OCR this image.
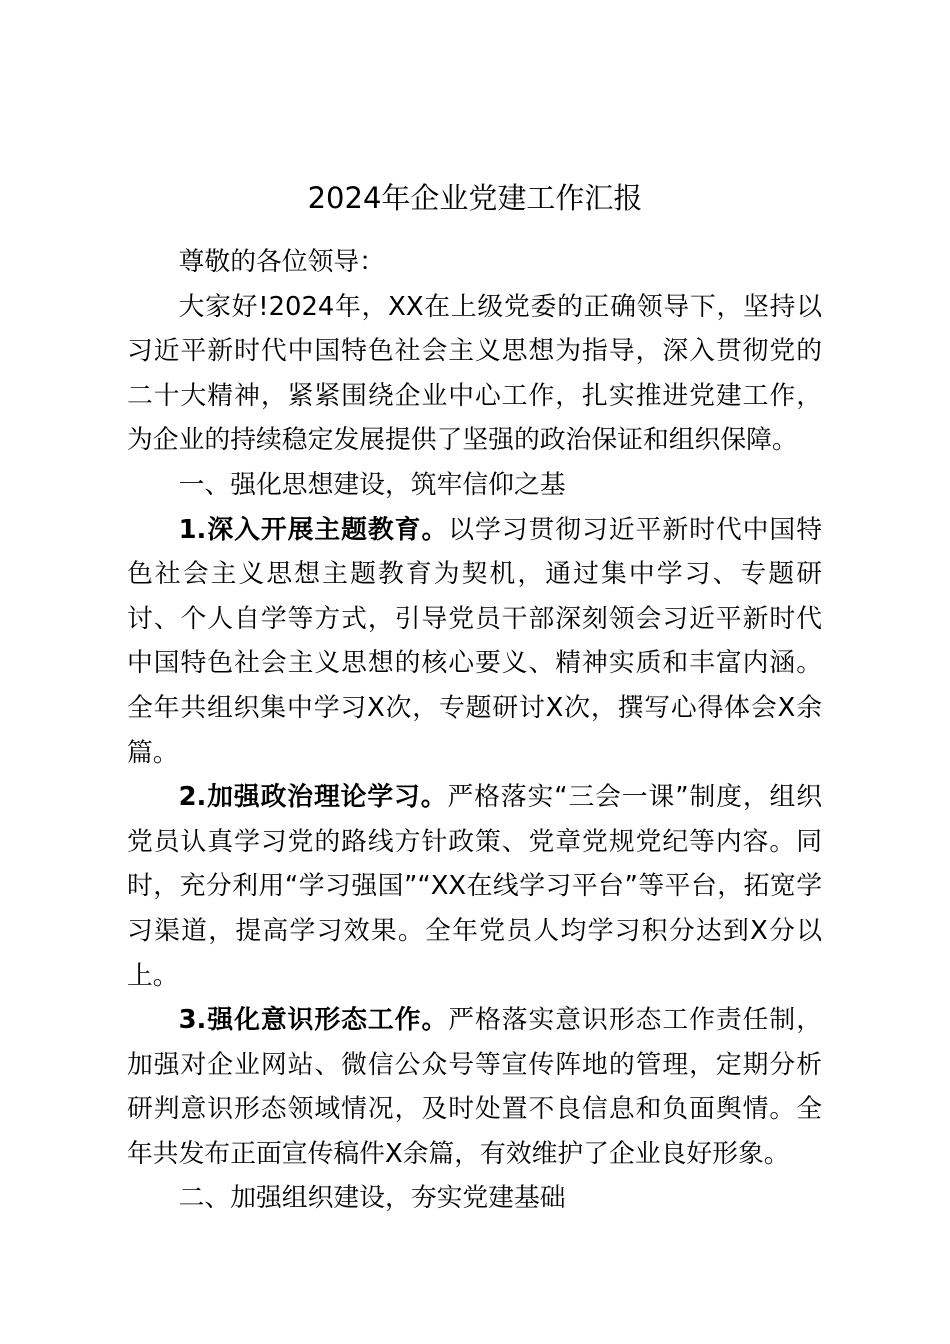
2024年企业党建工作汇报

尊敬的各位领导：

大家好!2024年，XX在上级党委的正确领导下，坚持以习近平新时代中国特色社会主义思想为指导，深入贯彻党的二十大精神，紧紧围绕企业中心工作，扎实推进党建工作，为企业的持续稳定发展提供了坚强的政治保证和组织保障。

一、强化思想建设，筑牢信仰之基

1.深入开展主题教育。以学习贯彻习近平新时代中国特色社会主义思想主题教育为契机，通过集中学习、专题研讨、个人自学等方式，引导党员干部深刻领会习近平新时代中国特色社会主义思想的核心要义、精神实质和丰富内涵。全年共组织集中学习X次，专题研讨X次，撰写心得体会X余篇。

2.加强政治理论学习。严格落实“三会一课”制度，组织党员认真学习党的路线方针政策、党章党规党纪等内容。同时，充分利用“学习强国”“XX在线学习平台”等平台，拓宽学习渠道，提高学习效果。全年党员人均学习积分达到X分以上。

3.强化意识形态工作。严格落实意识形态工作责任制，加强对企业网站、微信公众号等宣传阵地的管理，定期分析研判意识形态领域情况，及时处置不良信息和负面舆情。全年共发布正面宣传稿件X余篇，有效维护了企业良好形象。

二、加强组织建设，夯实党建基础
